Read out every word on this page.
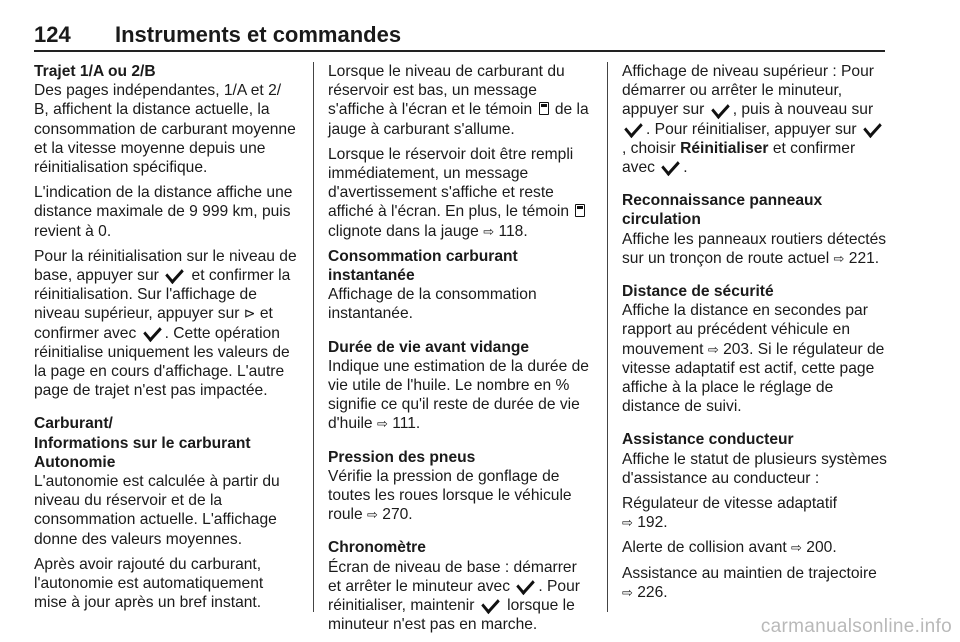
124 Instruments et commandes
Trajet 1/A ou 2/B

Des pages indépendantes, 1/A et 2/ B, affichent la distance actuelle, la consommation de carburant moyenne et la vitesse moyenne depuis une réinitialisation spécifique.

L'indication de la distance affiche une distance maximale de 9 999 km, puis revient à 0.

Pour la réinitialisation sur le niveau de base, appuyer sur et confirmer la réinitialisation. Sur l'affichage de niveau supérieur, appuyer sur ⊳ et confirmer avec . Cette opération réinitialise uniquement les valeurs de la page en cours d'affichage. L'autre page de trajet n'est pas impactée.

Carburant/
Informations sur le carburant
Autonomie

L'autonomie est calculée à partir du niveau du réservoir et de la consommation actuelle. L'affichage donne des valeurs moyennes.

Après avoir rajouté du carburant, l'autonomie est automatiquement mise à jour après un bref instant.

Lorsque le niveau de carburant du réservoir est bas, un message s'affiche à l'écran et le témoin de la jauge à carburant s'allume.

Lorsque le réservoir doit être rempli immédiatement, un message d'avertissement s'affiche et reste affiché à l'écran. En plus, le témoin  clignote dans la jauge ⇨ 118.

Consommation carburant
instantanée

Affichage de la consommation instantanée.

Durée de vie avant vidange

Indique une estimation de la durée de vie utile de l'huile. Le nombre en % signifie ce qu'il reste de durée de vie d'huile ⇨ 111.

Pression des pneus

Vérifie la pression de gonflage de toutes les roues lorsque le véhicule roule ⇨ 270.

Chronomètre

Écran de niveau de base : démarrer et arrêter le minuteur avec . Pour réinitialiser, maintenir lorsque le minuteur n'est pas en marche.

Affichage de niveau supérieur : Pour démarrer ou arrêter le minuteur, appuyer sur , puis à nouveau sur . Pour réinitialiser, appuyer sur , choisir Réinitialiser et confirmer avec .

Reconnaissance panneaux
circulation

Affiche les panneaux routiers détectés sur un tronçon de route actuel ⇨ 221.

Distance de sécurité

Affiche la distance en secondes par rapport au précédent véhicule en mouvement ⇨ 203. Si le régulateur de vitesse adaptatif est actif, cette page affiche à la place le réglage de distance de suivi.

Assistance conducteur

Affiche le statut de plusieurs systèmes d'assistance au conducteur :

Régulateur de vitesse adaptatif
⇨ 192.

Alerte de collision avant ⇨ 200.

Assistance au maintien de trajectoire
⇨ 226.

carmanualsonline.info
